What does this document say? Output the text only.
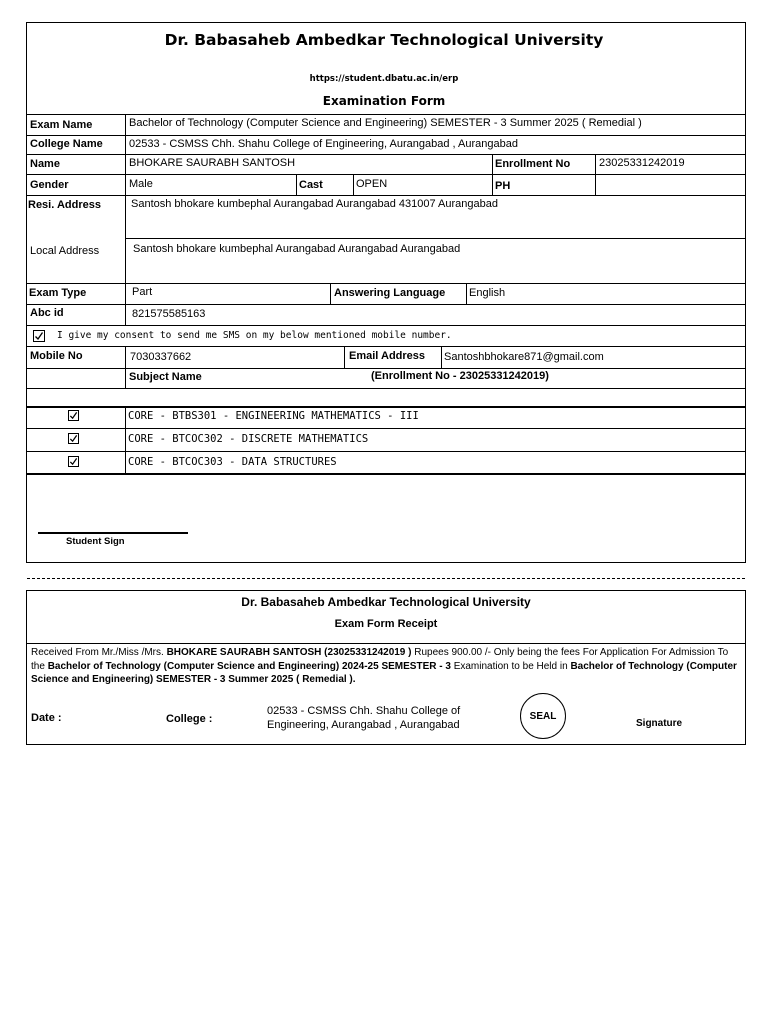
Dr. Babasaheb Ambedkar Technological University
https://student.dbatu.ac.in/erp
Examination Form
Exam Name	Bachelor of Technology (Computer Science and Engineering) SEMESTER - 3 Summer 2025 ( Remedial )
College Name 02533 - CSMSS Chh. Shahu College of Engineering, Aurangabad , Aurangabad
Name	BHOKARE SAURABH SANTOSH	Enrollment No	23025331242019
Gender	Male	Cast	OPEN	PH
Resi. Address	Santosh bhokare kumbephal Aurangabad Aurangabad 431007 Aurangabad
Local Address	Santosh bhokare kumbephal Aurangabad Aurangabad Aurangabad
Exam Type	Part	Answering Language English
Abc id	821575585163
I give my consent to send me SMS on my below mentioned mobile number.
Mobile No	7030337662	Email Address Santoshbhokare871@gmail.com
Subject Name	(Enrollment No - 23025331242019)
CORE - BTBS301 - ENGINEERING MATHEMATICS - III
CORE - BTCOC302 - DISCRETE MATHEMATICS
CORE - BTCOC303 - DATA STRUCTURES
Student Sign
Dr. Babasaheb Ambedkar Technological University
Exam Form Receipt
Received From Mr./Miss /Mrs. BHOKARE SAURABH SANTOSH (23025331242019 ) Rupees 900.00 /- Only being the fees For Application For Admission To the Bachelor of Technology (Computer Science and Engineering) 2024-25 SEMESTER - 3 Examination to be Held in Bachelor of Technology (Computer Science and Engineering) SEMESTER - 3 Summer 2025 ( Remedial ).
Date :	College :
02533 - CSMSS Chh. Shahu College of
Engineering, Aurangabad , Aurangabad
SEAL
Signature
